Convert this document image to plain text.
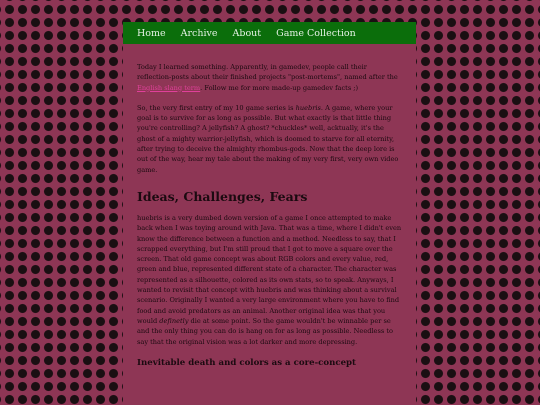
Home Archive About Game Collection

Today I learned something. Apparently, in gamedev, people call their reflection-posts about their finished projects "post-mortems", named after the English slang term. Follow me for more made-up gamedev facts ;)

So, the very first entry of my 10 game series is huebris. A game, where your goal is to survive for as long as possible. But what exactly is that little thing you're controlling? A jellyfish? A ghost? *chuckles* well, acktually, it's the ghost of a mighty warrior-jellyfish, which is doomed to starve for all eternity, after trying to deceive the almighty rhombus-gods. Now that the deep lore is out of the way, hear my tale about the making of my very first, very own video game.

Ideas, Challenges, Fears

huebris is a very dumbed down version of a game I once attempted to make back when I was toying around with Java. That was a time, where I didn't even know the difference between a function and a method. Needless to say, that I scrapped everything, but I'm still proud that I got to move a square over the screen. That old game concept was about RGB colors and every value, red, green and blue, represented different state of a character. The character was represented as a silhouette, colored as its own stats, so to speak. Anyways, I wanted to revisit that concept with huebris and was thinking about a survival scenario. Originally I wanted a very large environment where you have to find food and avoid predators as an animal. Another original idea was that you would definetly die at some point. So the game wouldn't be winnable per se and the only thing you can do is hang on for as long as possible. Needless to say that the original vision was a lot darker and more depressing.

Inevitable death and colors as a core-concept
